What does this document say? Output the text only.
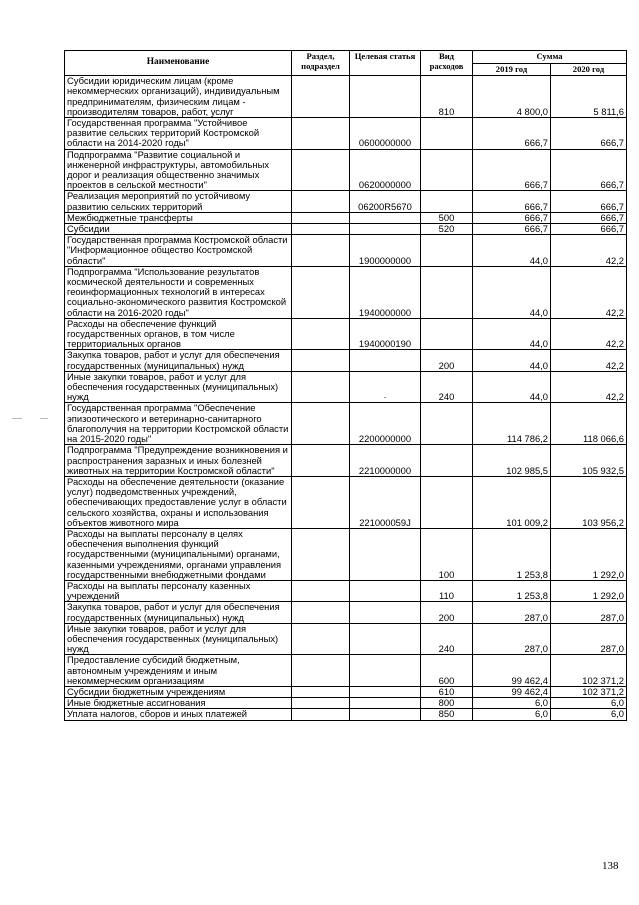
Наименование	Раздел, подраздел	Целевая статья	Вид расходов	Сумма	
				2019 год	2020 год
Субсидии юридическим лицам (кроме некоммерческих организаций), индивидуальным предпринимателям, физическим лицам - производителям товаров, работ, услуг			810	4 800,0	5 811,6
Государственная программа "Устойчивое развитие сельских территорий Костромской области на 2014-2020 годы"		0600000000		666,7	666,7
Подпрограмма "Развитие социальной и инженерной инфраструктуры, автомобильных дорог и реализация общественно значимых проектов в сельской местности"		0620000000		666,7	666,7
Реализация мероприятий по устойчивому развитию сельских территорий		06200R5670		666,7	666,7
Межбюджетные трансферты			500	666,7	666,7
Субсидии			520	666,7	666,7
Государственная программа Костромской области "Информационное общество Костромской области"		1900000000		44,0	42,2
Подпрограмма "Использование результатов космической деятельности и современных геоинформационных технологий в интересах социально-экономического развития Костромской области на 2016-2020 годы"		1940000000		44,0	42,2
Расходы на обеспечение функций государственных органов, в том числе территориальных органов		1940000190		44,0	42,2
Закупка товаров, работ и услуг для обеспечения государственных (муниципальных) нужд			200	44,0	42,2
Иные закупки товаров, работ и услуг для обеспечения государственных (муниципальных) нужд		·	240	44,0	42,2
Государственная программа "Обеспечение эпизоотического и ветеринарно-санитарного благополучия на территории Костромской области на 2015-2020 годы"		2200000000		114 786,2	118 066,6
Подпрограмма "Предупреждение возникновения и распространения заразных и иных болезней животных на территории Костромской области"		2210000000		102 985,5	105 932,5
Расходы на обеспечение деятельности (оказание услуг) подведомственных учреждений, обеспечивающих предоставление услуг в области сельского хозяйства, охраны и использования объектов животного мира		221000059J		101 009,2	103 956,2
Расходы на выплаты персоналу в целях обеспечения выполнения функций государственными (муниципальными) органами, казенными учреждениями, органами управления государственными внебюджетными фондами			100	1 253,8	1 292,0
Расходы на выплаты персоналу казенных учреждений			110	1 253,8	1 292,0
Закупка товаров, работ и услуг для обеспечения государственных (муниципальных) нужд			200	287,0	287,0
Иные закупки товаров, работ и услуг для обеспечения государственных (муниципальных) нужд			240	287,0	287,0
Предоставление субсидий бюджетным, автономным учреждениям и иным некоммерческим организациям			600	99 462,4	102 371,2
Субсидии бюджетным учреждениям			610	99 462,4	102 371,2
Иные бюджетные ассигнования			800	6,0	6,0
Уплата налогов, сборов и иных платежей			850	6,0	6,0
138
